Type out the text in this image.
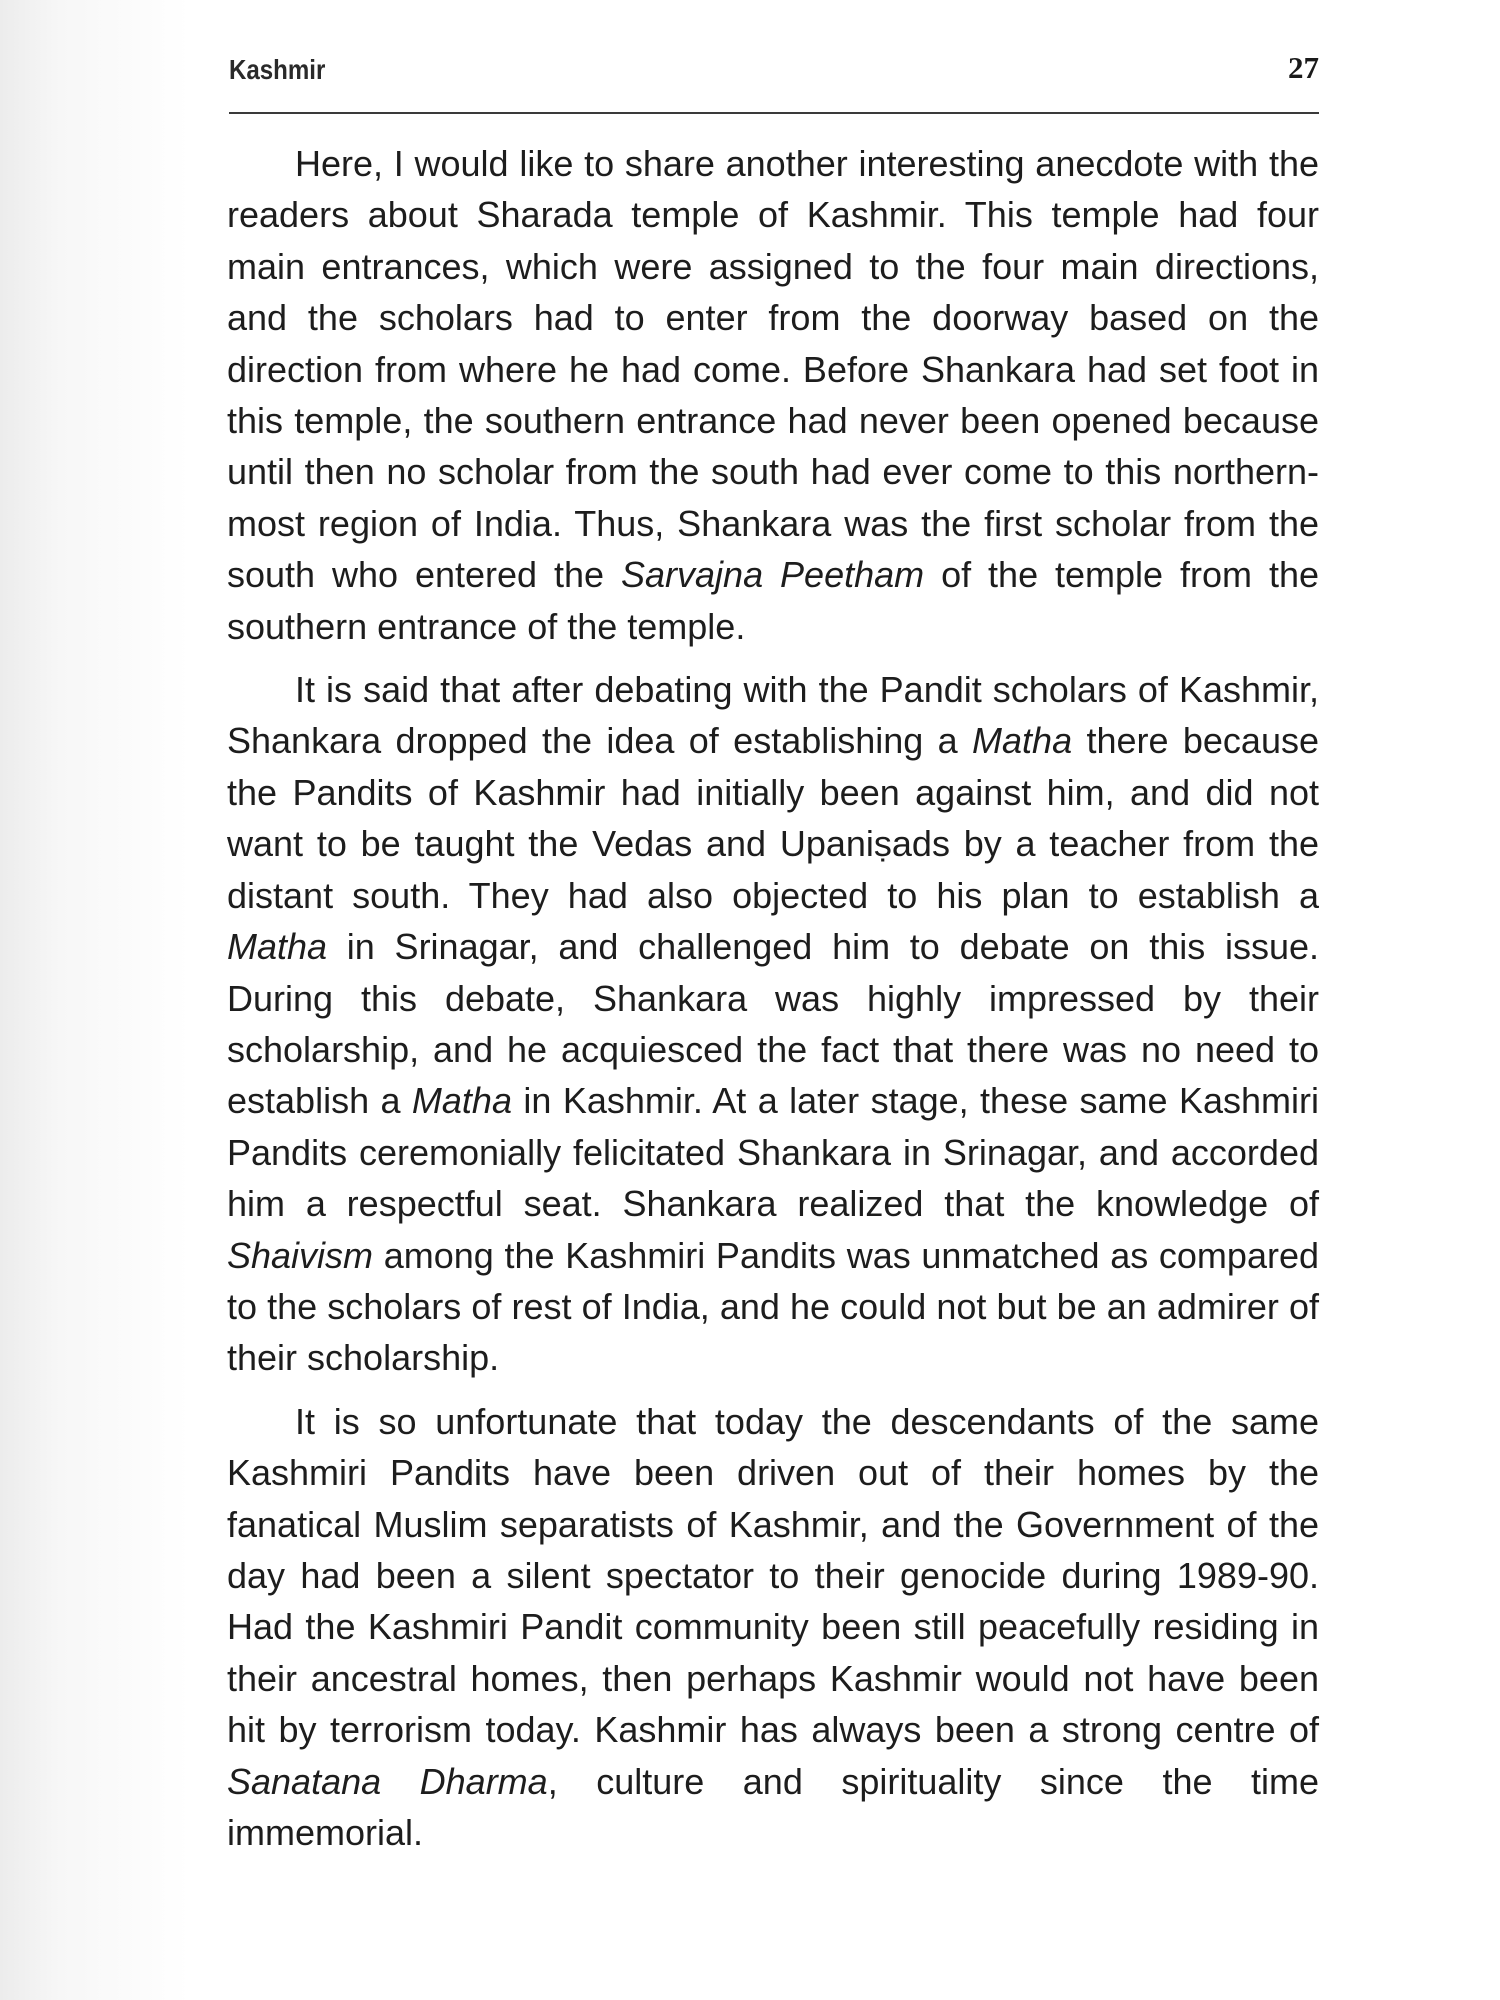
Kashmir	27

Here, I would like to share another interesting anecdote with the readers about Sharada temple of Kashmir. This temple had four main entrances, which were assigned to the four main directions, and the scholars had to enter from the doorway based on the direction from where he had come. Before Shankara had set foot in this temple, the southern entrance had never been opened because until then no scholar from the south had ever come to this northern-most region of India. Thus, Shankara was the first scholar from the south who entered the Sarvajna Peetham of the temple from the southern entrance of the temple.

It is said that after debating with the Pandit scholars of Kashmir, Shankara dropped the idea of establishing a Matha there because the Pandits of Kashmir had initially been against him, and did not want to be taught the Vedas and Upaniṣads by a teacher from the distant south. They had also objected to his plan to establish a Matha in Srinagar, and challenged him to debate on this issue. During this debate, Shankara was highly impressed by their scholarship, and he acquiesced the fact that there was no need to establish a Matha in Kashmir. At a later stage, these same Kashmiri Pandits ceremonially felicitated Shankara in Srinagar, and accorded him a respectful seat. Shankara realized that the knowledge of Shaivism among the Kashmiri Pandits was unmatched as compared to the scholars of rest of India, and he could not but be an admirer of their scholarship.

It is so unfortunate that today the descendants of the same Kashmiri Pandits have been driven out of their homes by the fanatical Muslim separatists of Kashmir, and the Government of the day had been a silent spectator to their genocide during 1989-90. Had the Kashmiri Pandit community been still peacefully residing in their ancestral homes, then perhaps Kashmir would not have been hit by terrorism today. Kashmir has always been a strong centre of Sanatana Dharma, culture and spirituality since the time immemorial.
